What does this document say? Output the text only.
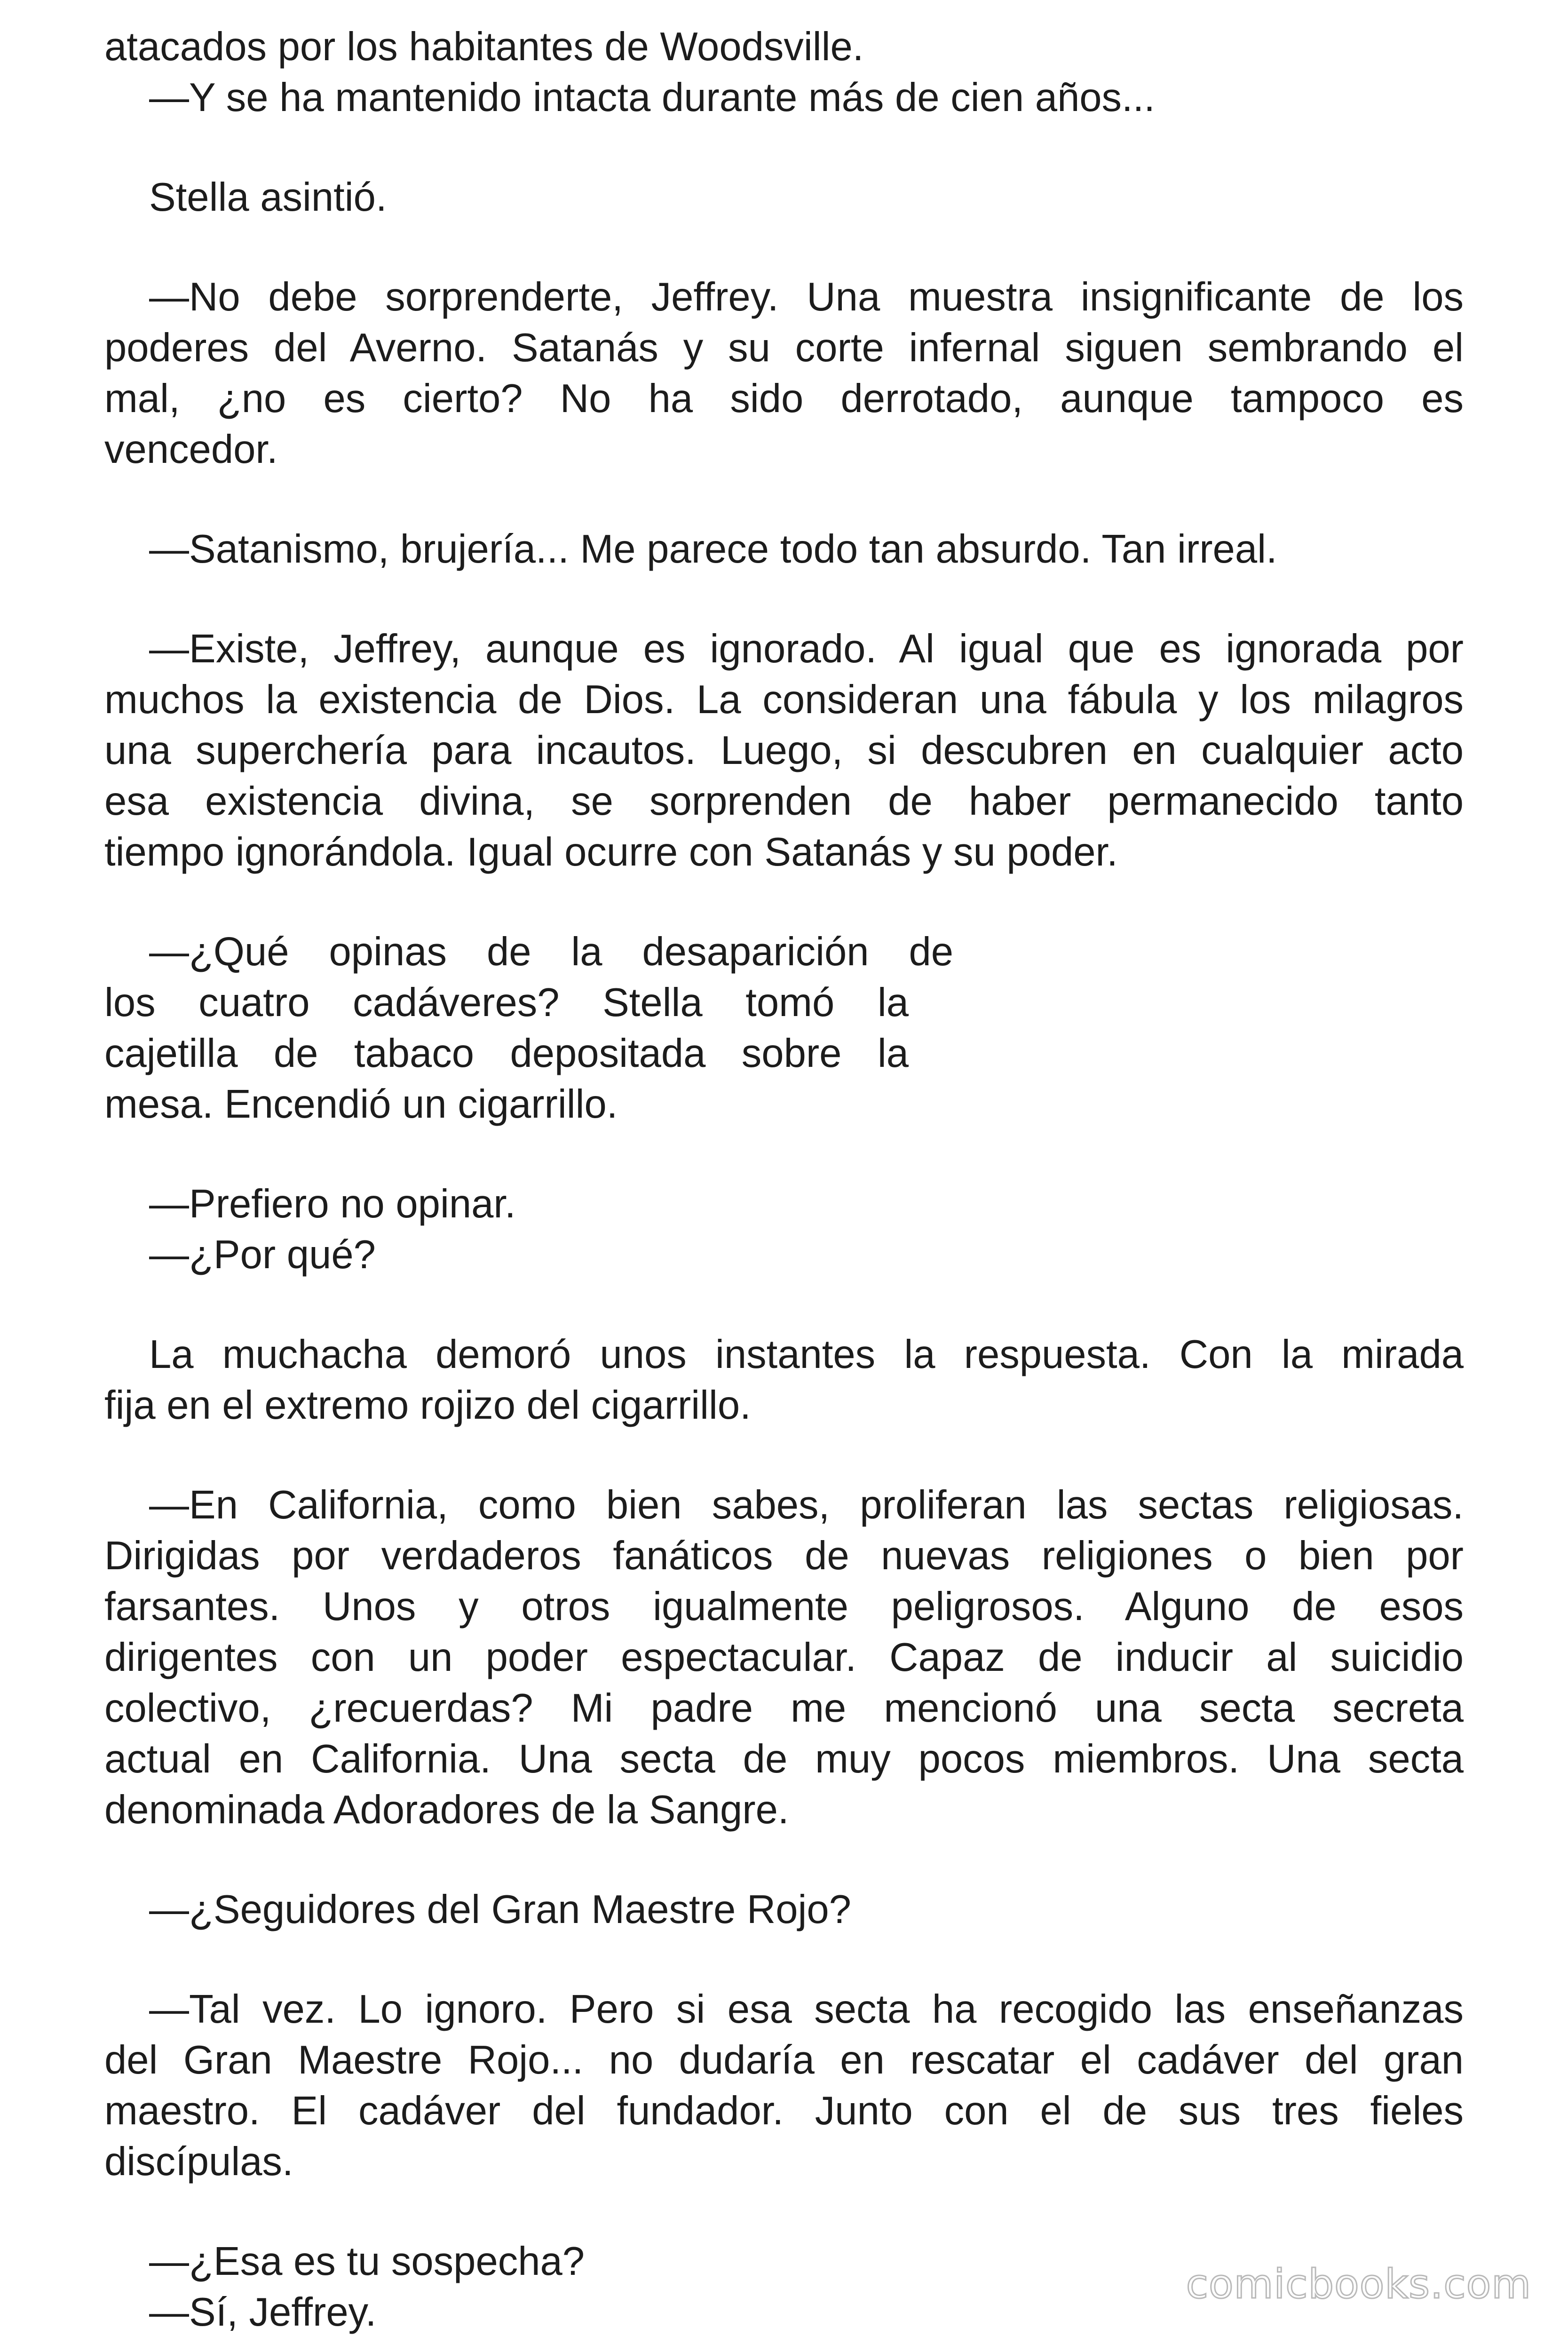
atacados por los habitantes de Woodsville.
—Y se ha mantenido intacta durante más de cien años...
Stella asintió.
—No debe sorprenderte, Jeffrey. Una muestra insignificante de los
poderes del Averno. Satanás y su corte infernal siguen sembrando el
mal, ¿no es cierto? No ha sido derrotado, aunque tampoco es
vencedor.
—Satanismo, brujería... Me parece todo tan absurdo. Tan irreal.
—Existe, Jeffrey, aunque es ignorado. Al igual que es ignorada por
muchos la existencia de Dios. La consideran una fábula y los milagros
una superchería para incautos. Luego, si descubren en cualquier acto
esa existencia divina, se sorprenden de haber permanecido tanto
tiempo ignorándola. Igual ocurre con Satanás y su poder.
—¿Qué opinas de la desaparición de
los cuatro cadáveres? Stella tomó la
cajetilla de tabaco depositada sobre la
mesa. Encendió un cigarrillo.
—Prefiero no opinar.
—¿Por qué?
La muchacha demoró unos instantes la respuesta. Con la mirada
fija en el extremo rojizo del cigarrillo.
—En California, como bien sabes, proliferan las sectas religiosas.
Dirigidas por verdaderos fanáticos de nuevas religiones o bien por
farsantes. Unos y otros igualmente peligrosos. Alguno de esos
dirigentes con un poder espectacular. Capaz de inducir al suicidio
colectivo, ¿recuerdas? Mi padre me mencionó una secta secreta
actual en California. Una secta de muy pocos miembros. Una secta
denominada Adoradores de la Sangre.
—¿Seguidores del Gran Maestre Rojo?
—Tal vez. Lo ignoro. Pero si esa secta ha recogido las enseñanzas
del Gran Maestre Rojo... no dudaría en rescatar el cadáver del gran
maestro. El cadáver del fundador. Junto con el de sus tres fieles
discípulas.
—¿Esa es tu sospecha?
—Sí, Jeffrey.
comicbooks.com
